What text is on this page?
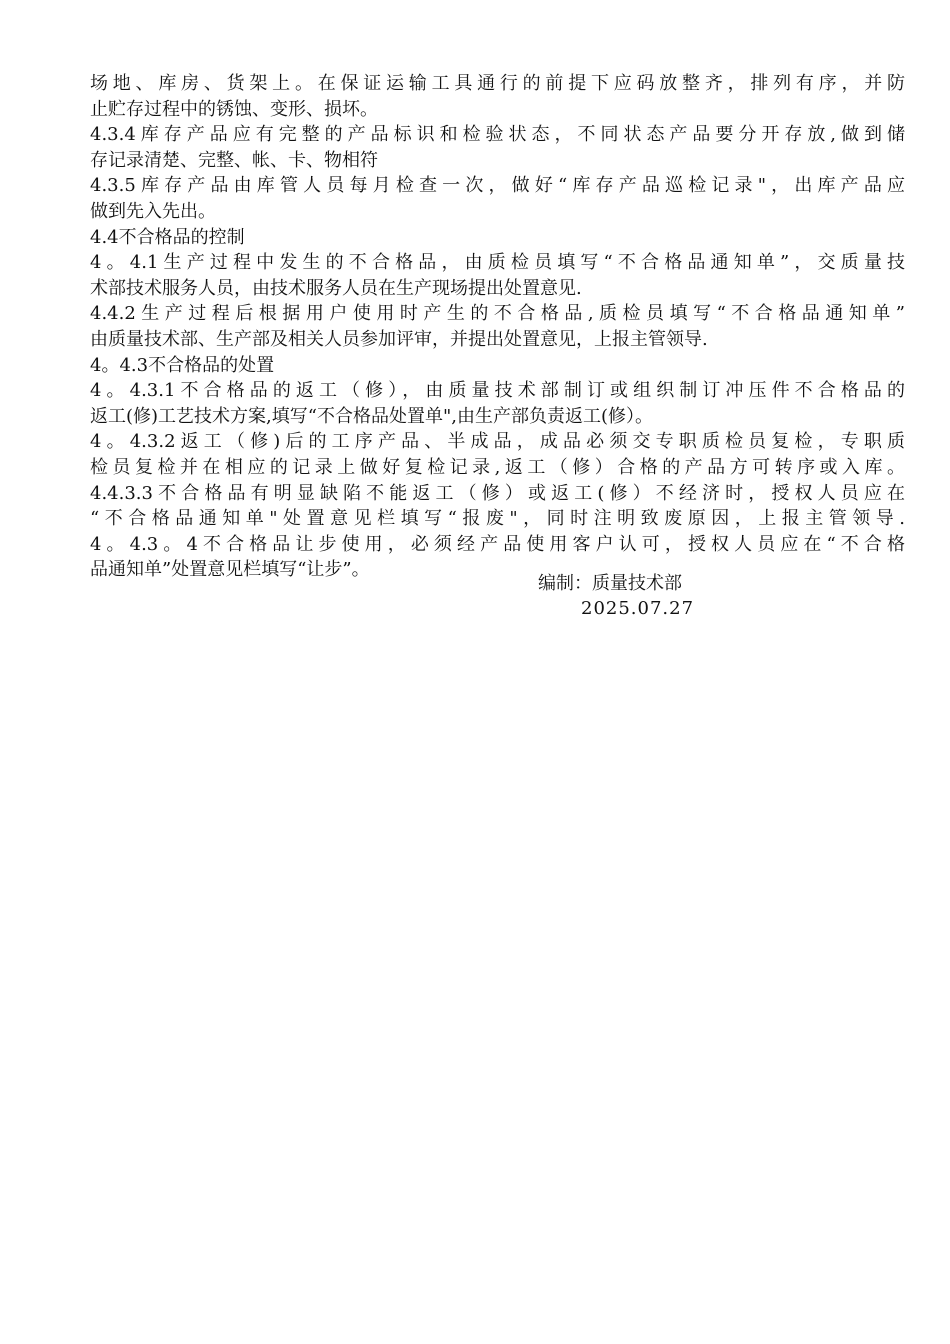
场地、库房、货架上。在保证运输工具通行的前提下应码放整齐，排列有序，并防
止贮存过程中的锈蚀、变形、损坏。
4.3.4库存产品应有完整的产品标识和检验状态，不同状态产品要分开存放,做到储
存记录清楚、完整、帐、卡、物相符
4.3.5库存产品由库管人员每月检查一次，做好“库存产品巡检记录"，出库产品应
做到先入先出。
4.4不合格品的控制
4。4.1生产过程中发生的不合格品，由质检员填写“不合格品通知单”，交质量技
术部技术服务人员，由技术服务人员在生产现场提出处置意见.
4.4.2生产过程后根据用户使用时产生的不合格品,质检员填写“不合格品通知单”
由质量技术部、生产部及相关人员参加评审，并提出处置意见，上报主管领导.
4。4.3不合格品的处置
4。4.3.1不合格品的返工（修），由质量技术部制订或组织制订冲压件不合格品的
返工(修)工艺技术方案,填写“不合格品处置单",由生产部负责返工(修）。
4。4.3.2返工（修)后的工序产品、半成品，成品必须交专职质检员复检，专职质
检员复检并在相应的记录上做好复检记录,返工（修）合格的产品方可转序或入库。
4.4.3.3不合格品有明显缺陷不能返工（修）或返工(修）不经济时，授权人员应在
“不合格品通知单"处置意见栏填写“报废"，同时注明致废原因，上报主管领导.
4。4.3。4不合格品让步使用，必须经产品使用客户认可，授权人员应在“不合格
品通知单”处置意见栏填写“让步”。
编制：质量技术部
2025.07.27
